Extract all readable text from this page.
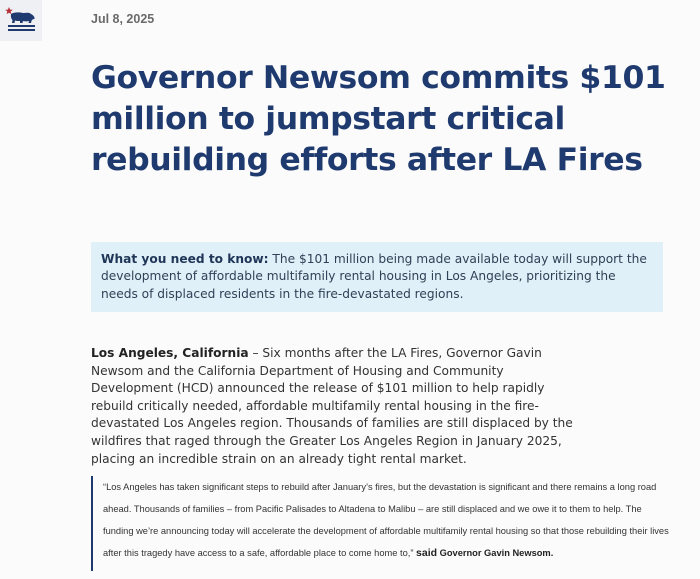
Jul 8, 2025
Governor Newsom commits $101 million to jumpstart critical rebuilding efforts after LA Fires
What you need to know: The $101 million being made available today will support the development of affordable multifamily rental housing in Los Angeles, prioritizing the needs of displaced residents in the fire-devastated regions.

Los Angeles, California – Six months after the LA Fires, Governor Gavin Newsom and the California Department of Housing and Community Development (HCD) announced the release of $101 million to help rapidly rebuild critically needed, affordable multifamily rental housing in the fire-devastated Los Angeles region. Thousands of families are still displaced by the wildfires that raged through the Greater Los Angeles Region in January 2025, placing an incredible strain on an already tight rental market.

“Los Angeles has taken significant steps to rebuild after January’s fires, but the devastation is significant and there remains a long road ahead. Thousands of families – from Pacific Palisades to Altadena to Malibu – are still displaced and we owe it to them to help. The funding we’re announcing today will accelerate the development of affordable multifamily rental housing so that those rebuilding their lives after this tragedy have access to a safe, affordable place to come home to,” said Governor Gavin Newsom.
